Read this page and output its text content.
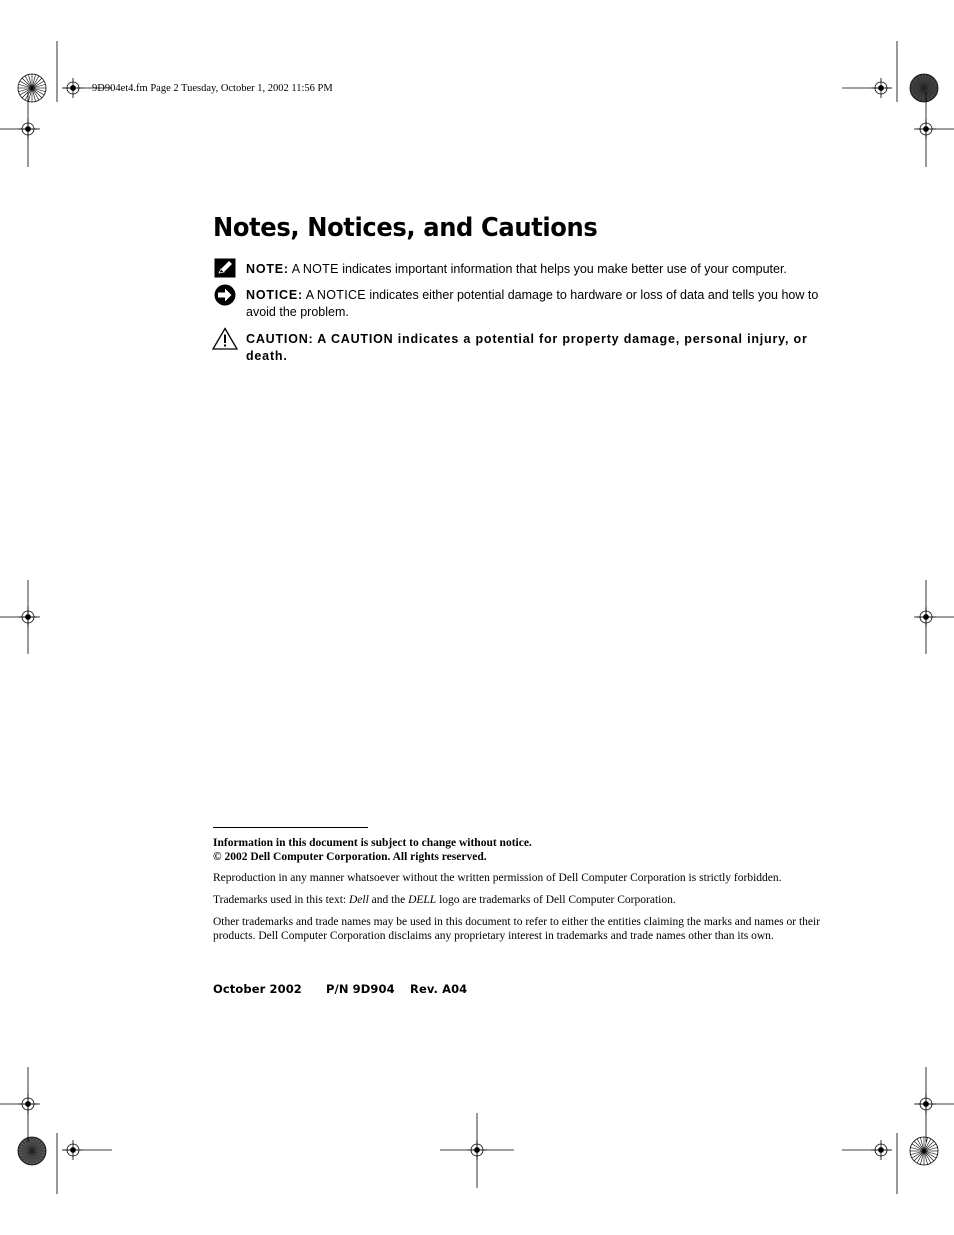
9D904et4.fm Page 2 Tuesday, October 1, 2002 11:56 PM
Notes, Notices, and Cautions
NOTE: A NOTE indicates important information that helps you make better use of your computer.
NOTICE: A NOTICE indicates either potential damage to hardware or loss of data and tells you how to avoid the problem.
CAUTION: A CAUTION indicates a potential for property damage, personal injury, or death.
Information in this document is subject to change without notice.
© 2002 Dell Computer Corporation. All rights reserved.
Reproduction in any manner whatsoever without the written permission of Dell Computer Corporation is strictly forbidden.
Trademarks used in this text: Dell and the DELL logo are trademarks of Dell Computer Corporation.
Other trademarks and trade names may be used in this document to refer to either the entities claiming the marks and names or their products. Dell Computer Corporation disclaims any proprietary interest in trademarks and trade names other than its own.
October 2002 P/N 9D904 Rev. A04
